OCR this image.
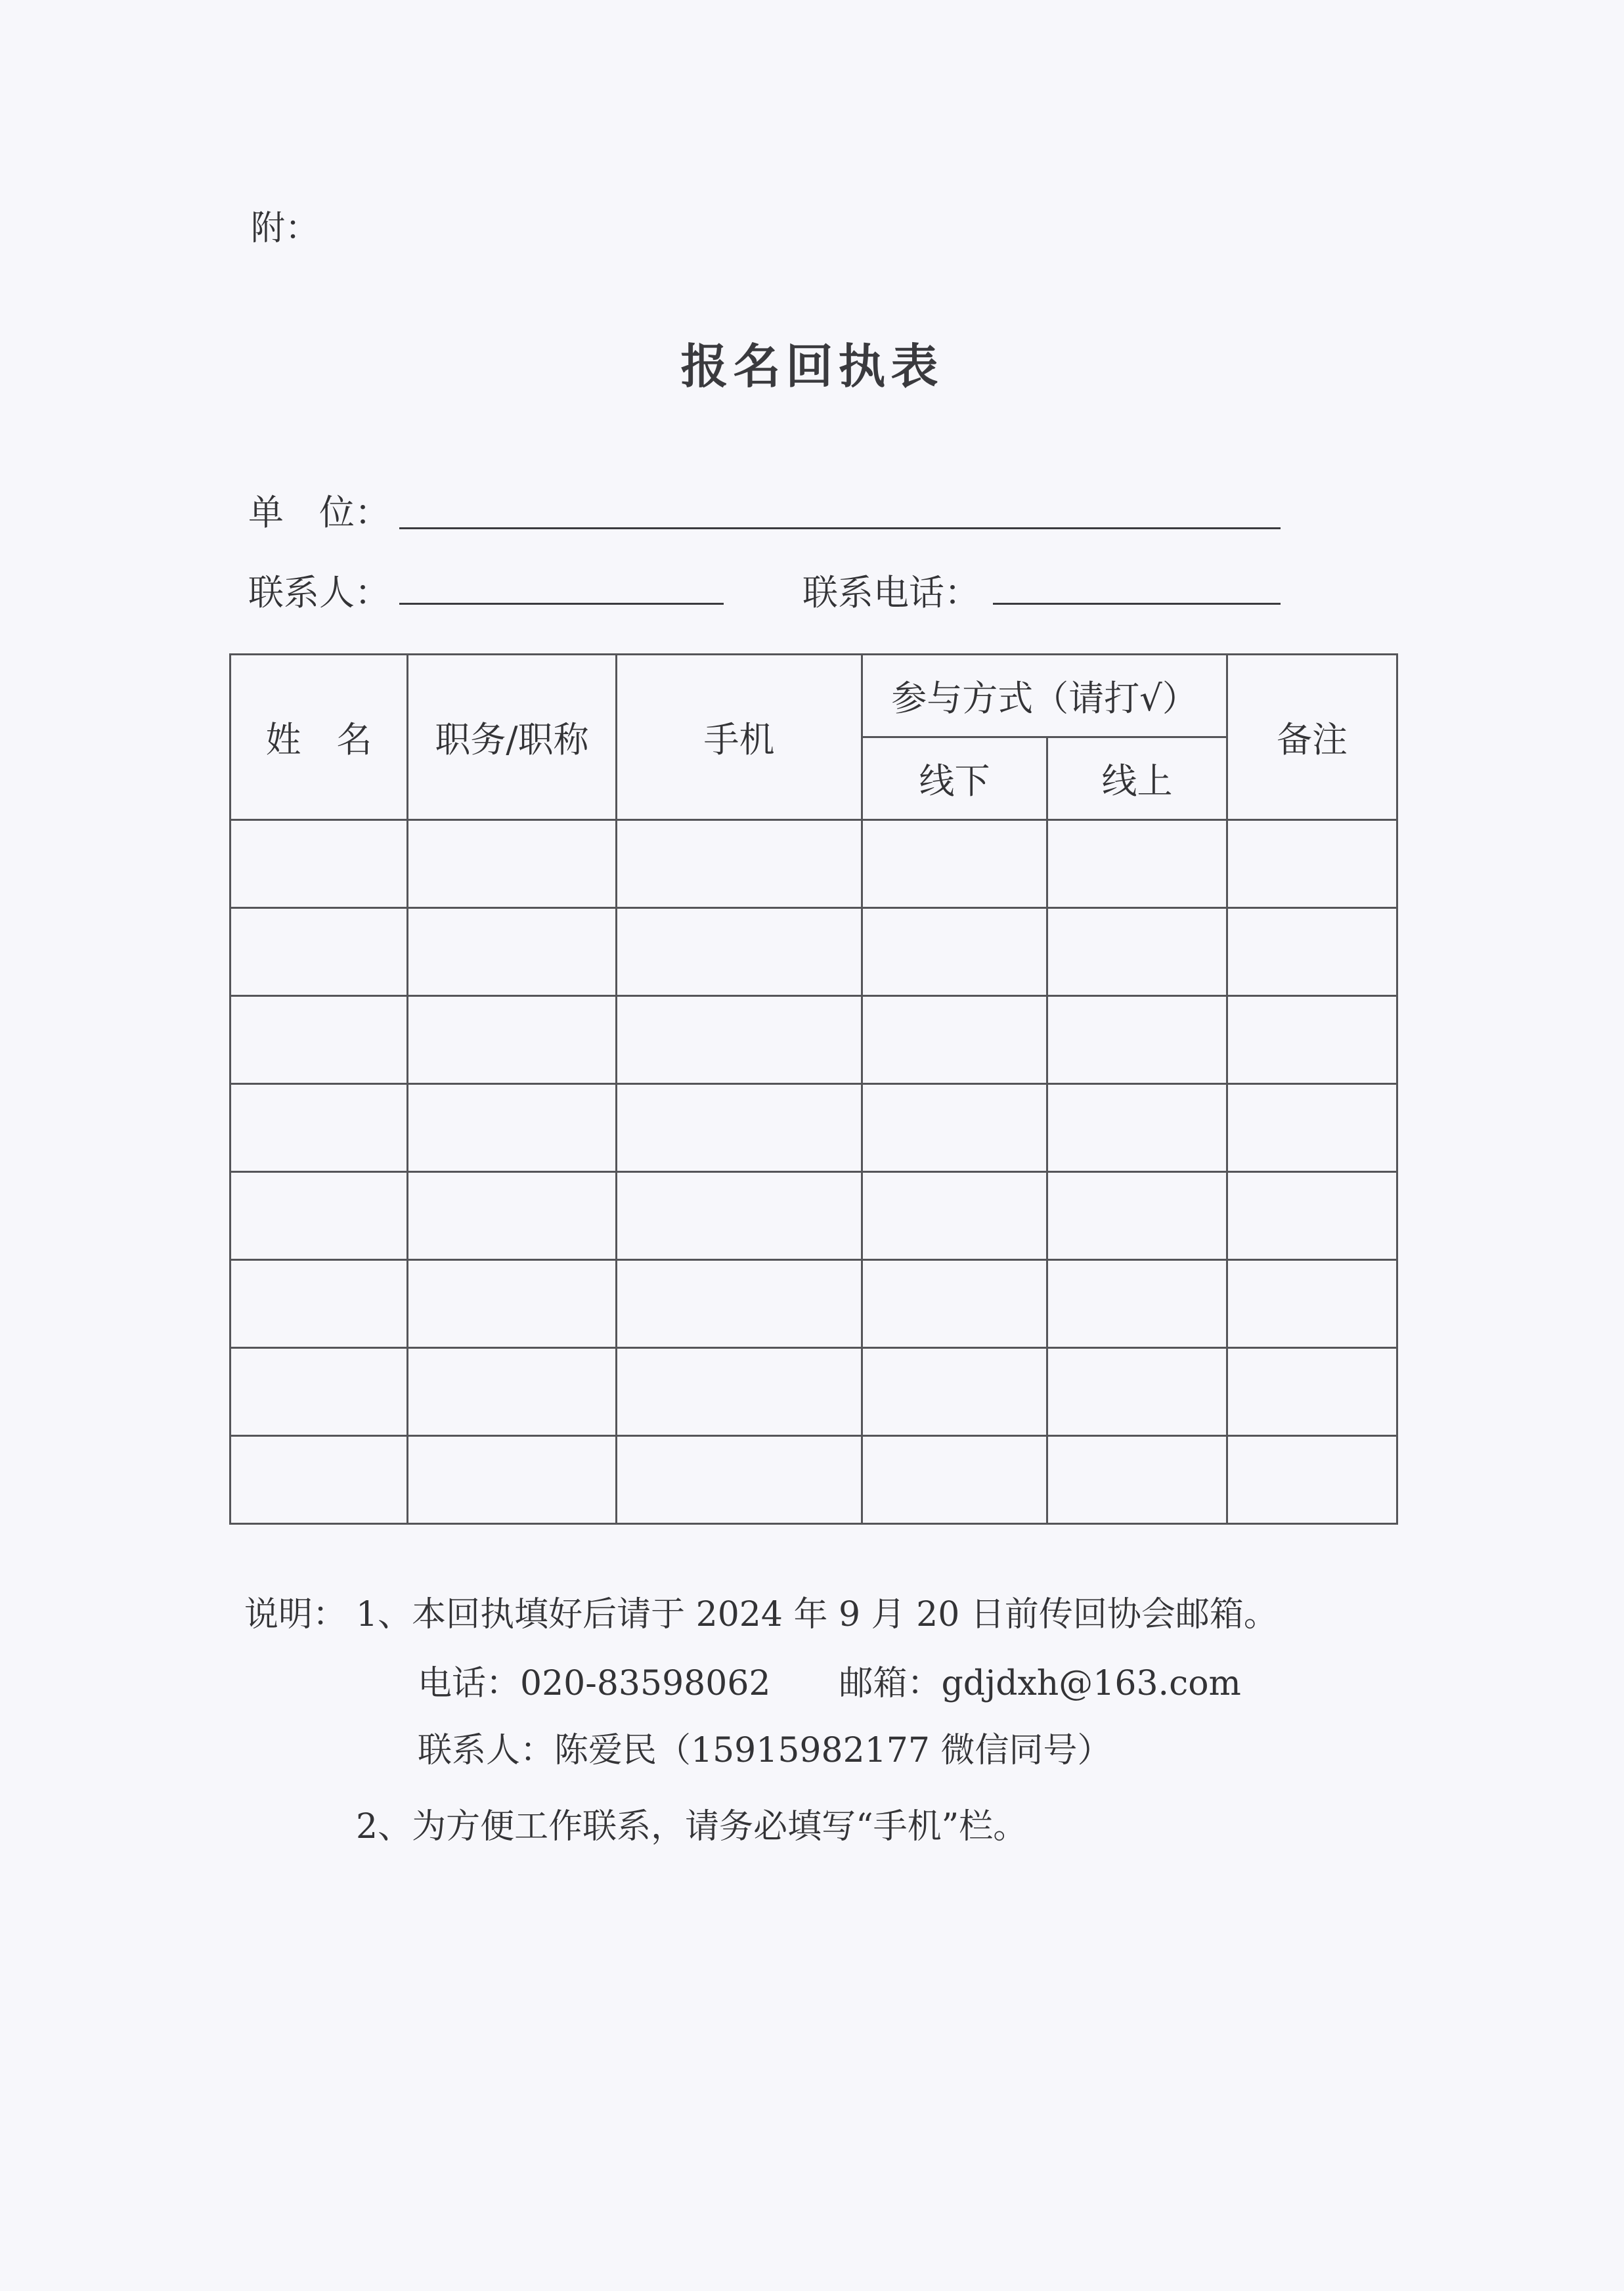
附：
报名回执表
单　位：
联系人：	联系电话：
姓　名	职务/职称	手机	参与方式（请打√）		备注
			线下	线上	

说明： 1、本回执填好后请于 2024 年 9 月 20 日前传回协会邮箱。
电话：020-83598062　　邮箱：gdjdxh@163.com
联系人：陈爱民（15915982177 微信同号）
2、为方便工作联系，请务必填写“手机”栏。
